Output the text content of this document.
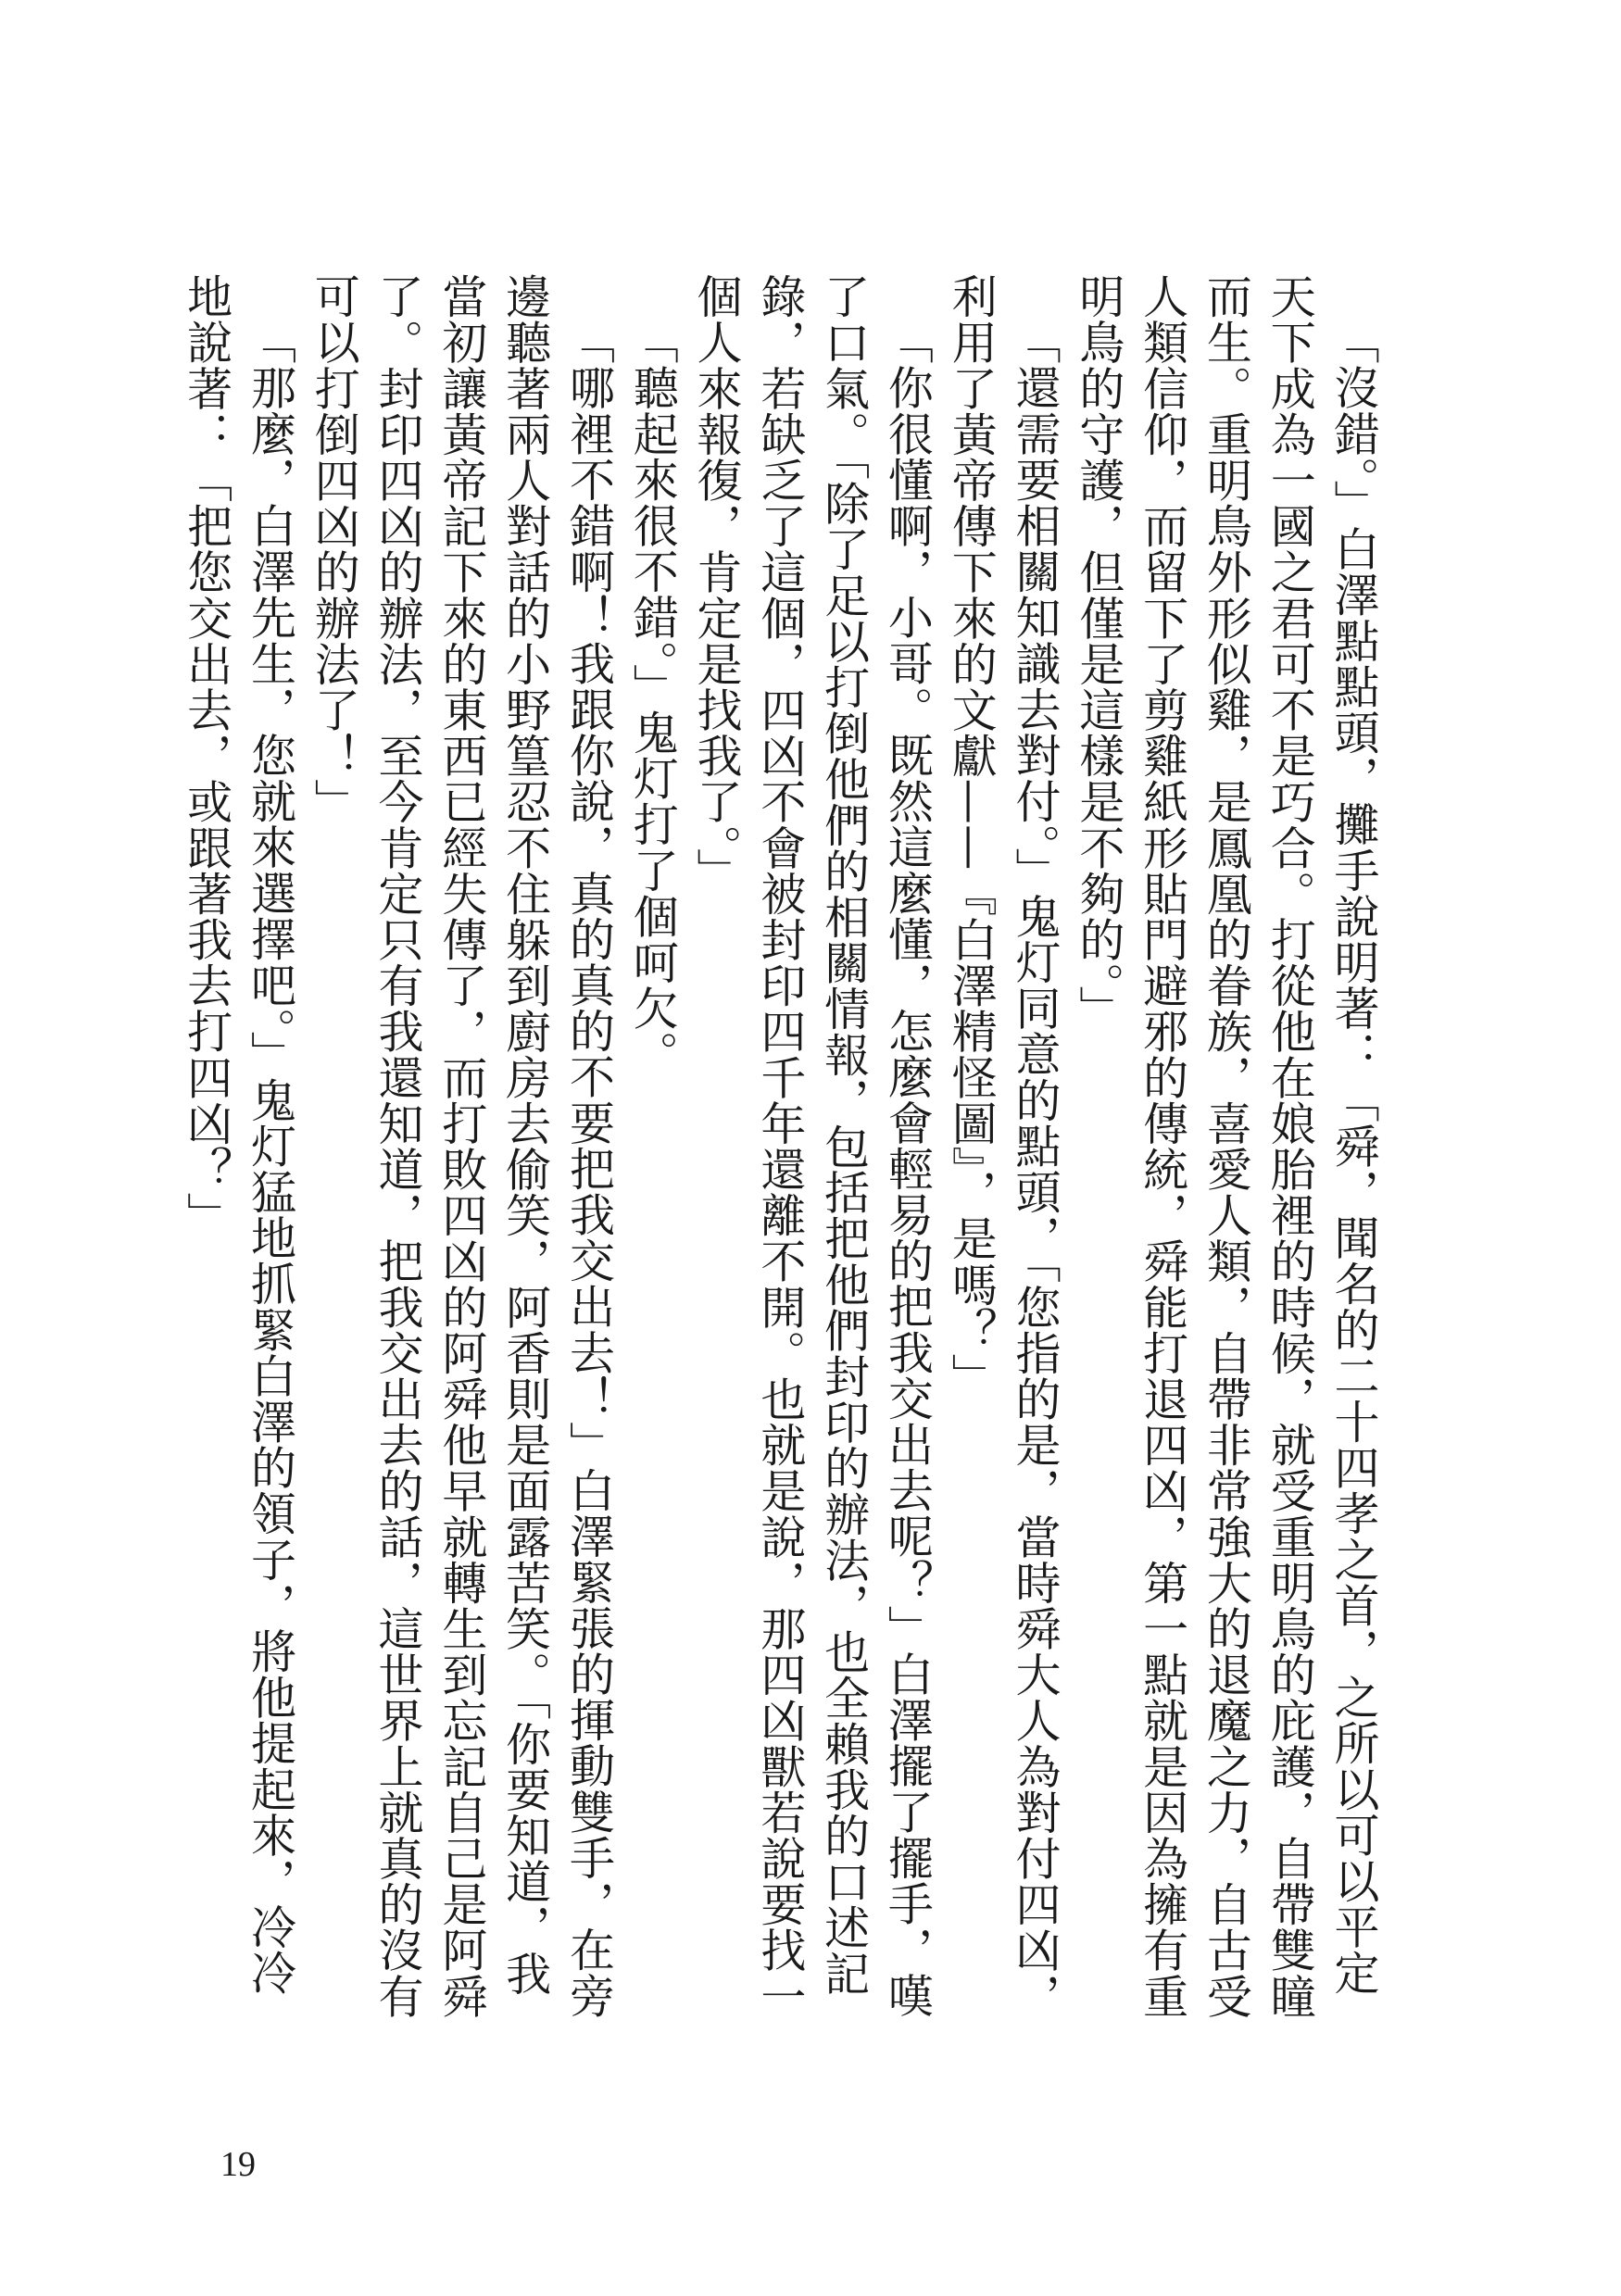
「沒錯。」白澤點點頭，攤手說明著：「舜，聞名的二十四孝之首，之所以可以平定天下成為一國之君可不是巧合。打從他在娘胎裡的時候，就受重明鳥的庇護，自帶雙瞳而生。重明鳥外形似雞，是鳳凰的眷族，喜愛人類，自帶非常強大的退魔之力，自古受人類信仰，而留下了剪雞紙形貼門避邪的傳統，舜能打退四凶，第一點就是因為擁有重明鳥的守護，但僅是這樣是不夠的。」

「還需要相關知識去對付。」鬼灯同意的點頭，「您指的是，當時舜大人為對付四凶，利用了黃帝傳下來的文獻——『白澤精怪圖』，是嗎？」

「你很懂啊，小哥。既然這麼懂，怎麼會輕易的把我交出去呢？」白澤擺了擺手，嘆了口氣。「除了足以打倒他們的相關情報，包括把他們封印的辦法，也全賴我的口述記錄，若缺乏了這個，四凶不會被封印四千年還離不開。也就是說，那四凶獸若說要找一個人來報復，肯定是找我了。」

「聽起來很不錯。」鬼灯打了個呵欠。

「哪裡不錯啊！我跟你說，真的真的不要把我交出去！」白澤緊張的揮動雙手，在旁邊聽著兩人對話的小野篁忍不住躲到廚房去偷笑，阿香則是面露苦笑。「你要知道，我當初讓黃帝記下來的東西已經失傳了，而打敗四凶的阿舜他早就轉生到忘記自己是阿舜了。封印四凶的辦法，至今肯定只有我還知道，把我交出去的話，這世界上就真的沒有可以打倒四凶的辦法了！」

「那麼，白澤先生，您就來選擇吧。」鬼灯猛地抓緊白澤的領子，將他提起來，冷冷地說著：「把您交出去，或跟著我去打四凶？」

19
